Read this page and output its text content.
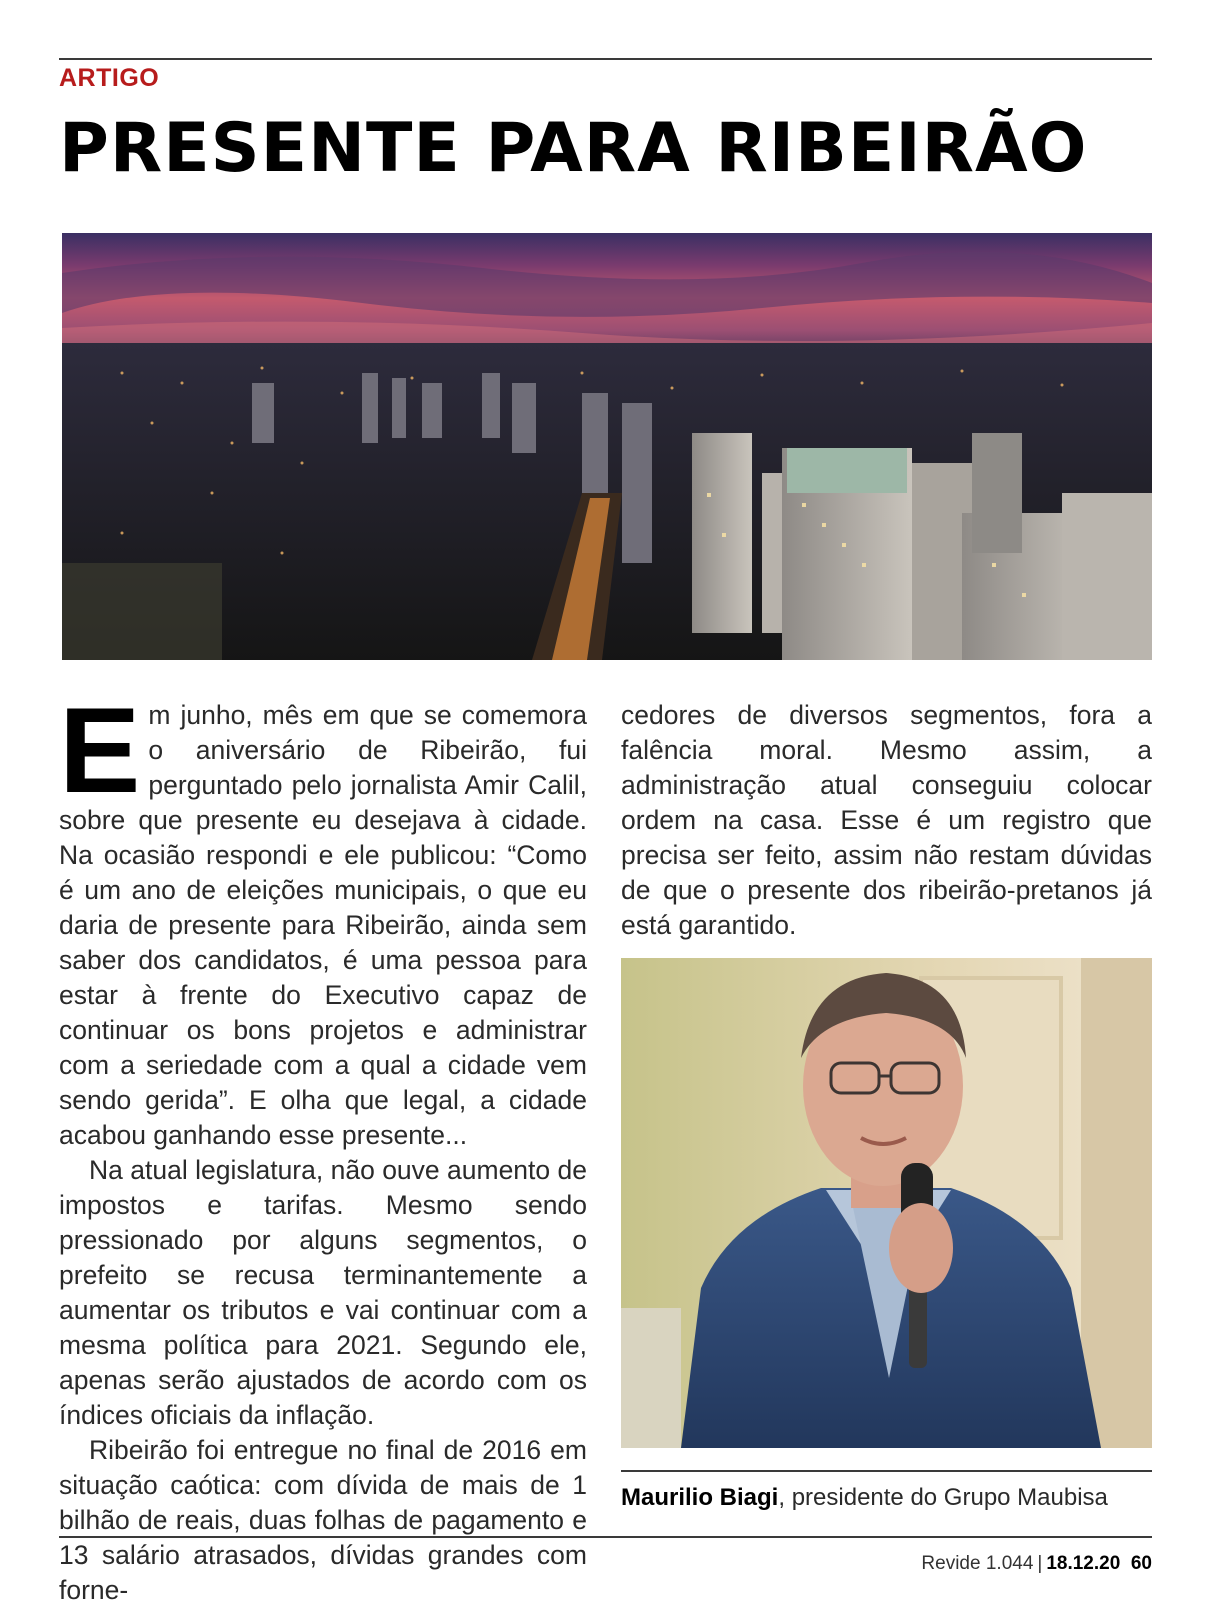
ARTIGO
PRESENTE PARA RIBEIRÃO

Em junho, mês em que se comemora o aniversário de Ribeirão, fui perguntado pelo jornalista Amir Calil, sobre que presente eu desejava à cidade. Na ocasião respondi e ele publicou: “Como é um ano de eleições municipais, o que eu daria de presente para Ribeirão, ainda sem saber dos candidatos, é uma pessoa para estar à frente do Executivo capaz de continuar os bons projetos e administrar com a seriedade com a qual a cidade vem sendo gerida”. E olha que legal, a cidade acabou ganhando esse presente...

Na atual legislatura, não ouve aumento de impostos e tarifas. Mesmo sendo pressionado por alguns segmentos, o prefeito se recusa terminantemente a aumentar os tributos e vai continuar com a mesma política para 2021. Segundo ele, apenas serão ajustados de acordo com os índices oficiais da inflação.

Ribeirão foi entregue no final de 2016 em situação caótica: com dívida de mais de 1 bilhão de reais, duas folhas de pagamento e 13 salário atrasados, dívidas grandes com forne-

cedores de diversos segmentos, fora a falência moral. Mesmo assim, a administração atual conseguiu colocar ordem na casa. Esse é um registro que precisa ser feito, assim não restam dúvidas de que o presente dos ribeirão-pretanos já está garantido.

Maurilio Biagi, presidente do Grupo Maubisa
Revide 1.044 | 18.12.20 60
